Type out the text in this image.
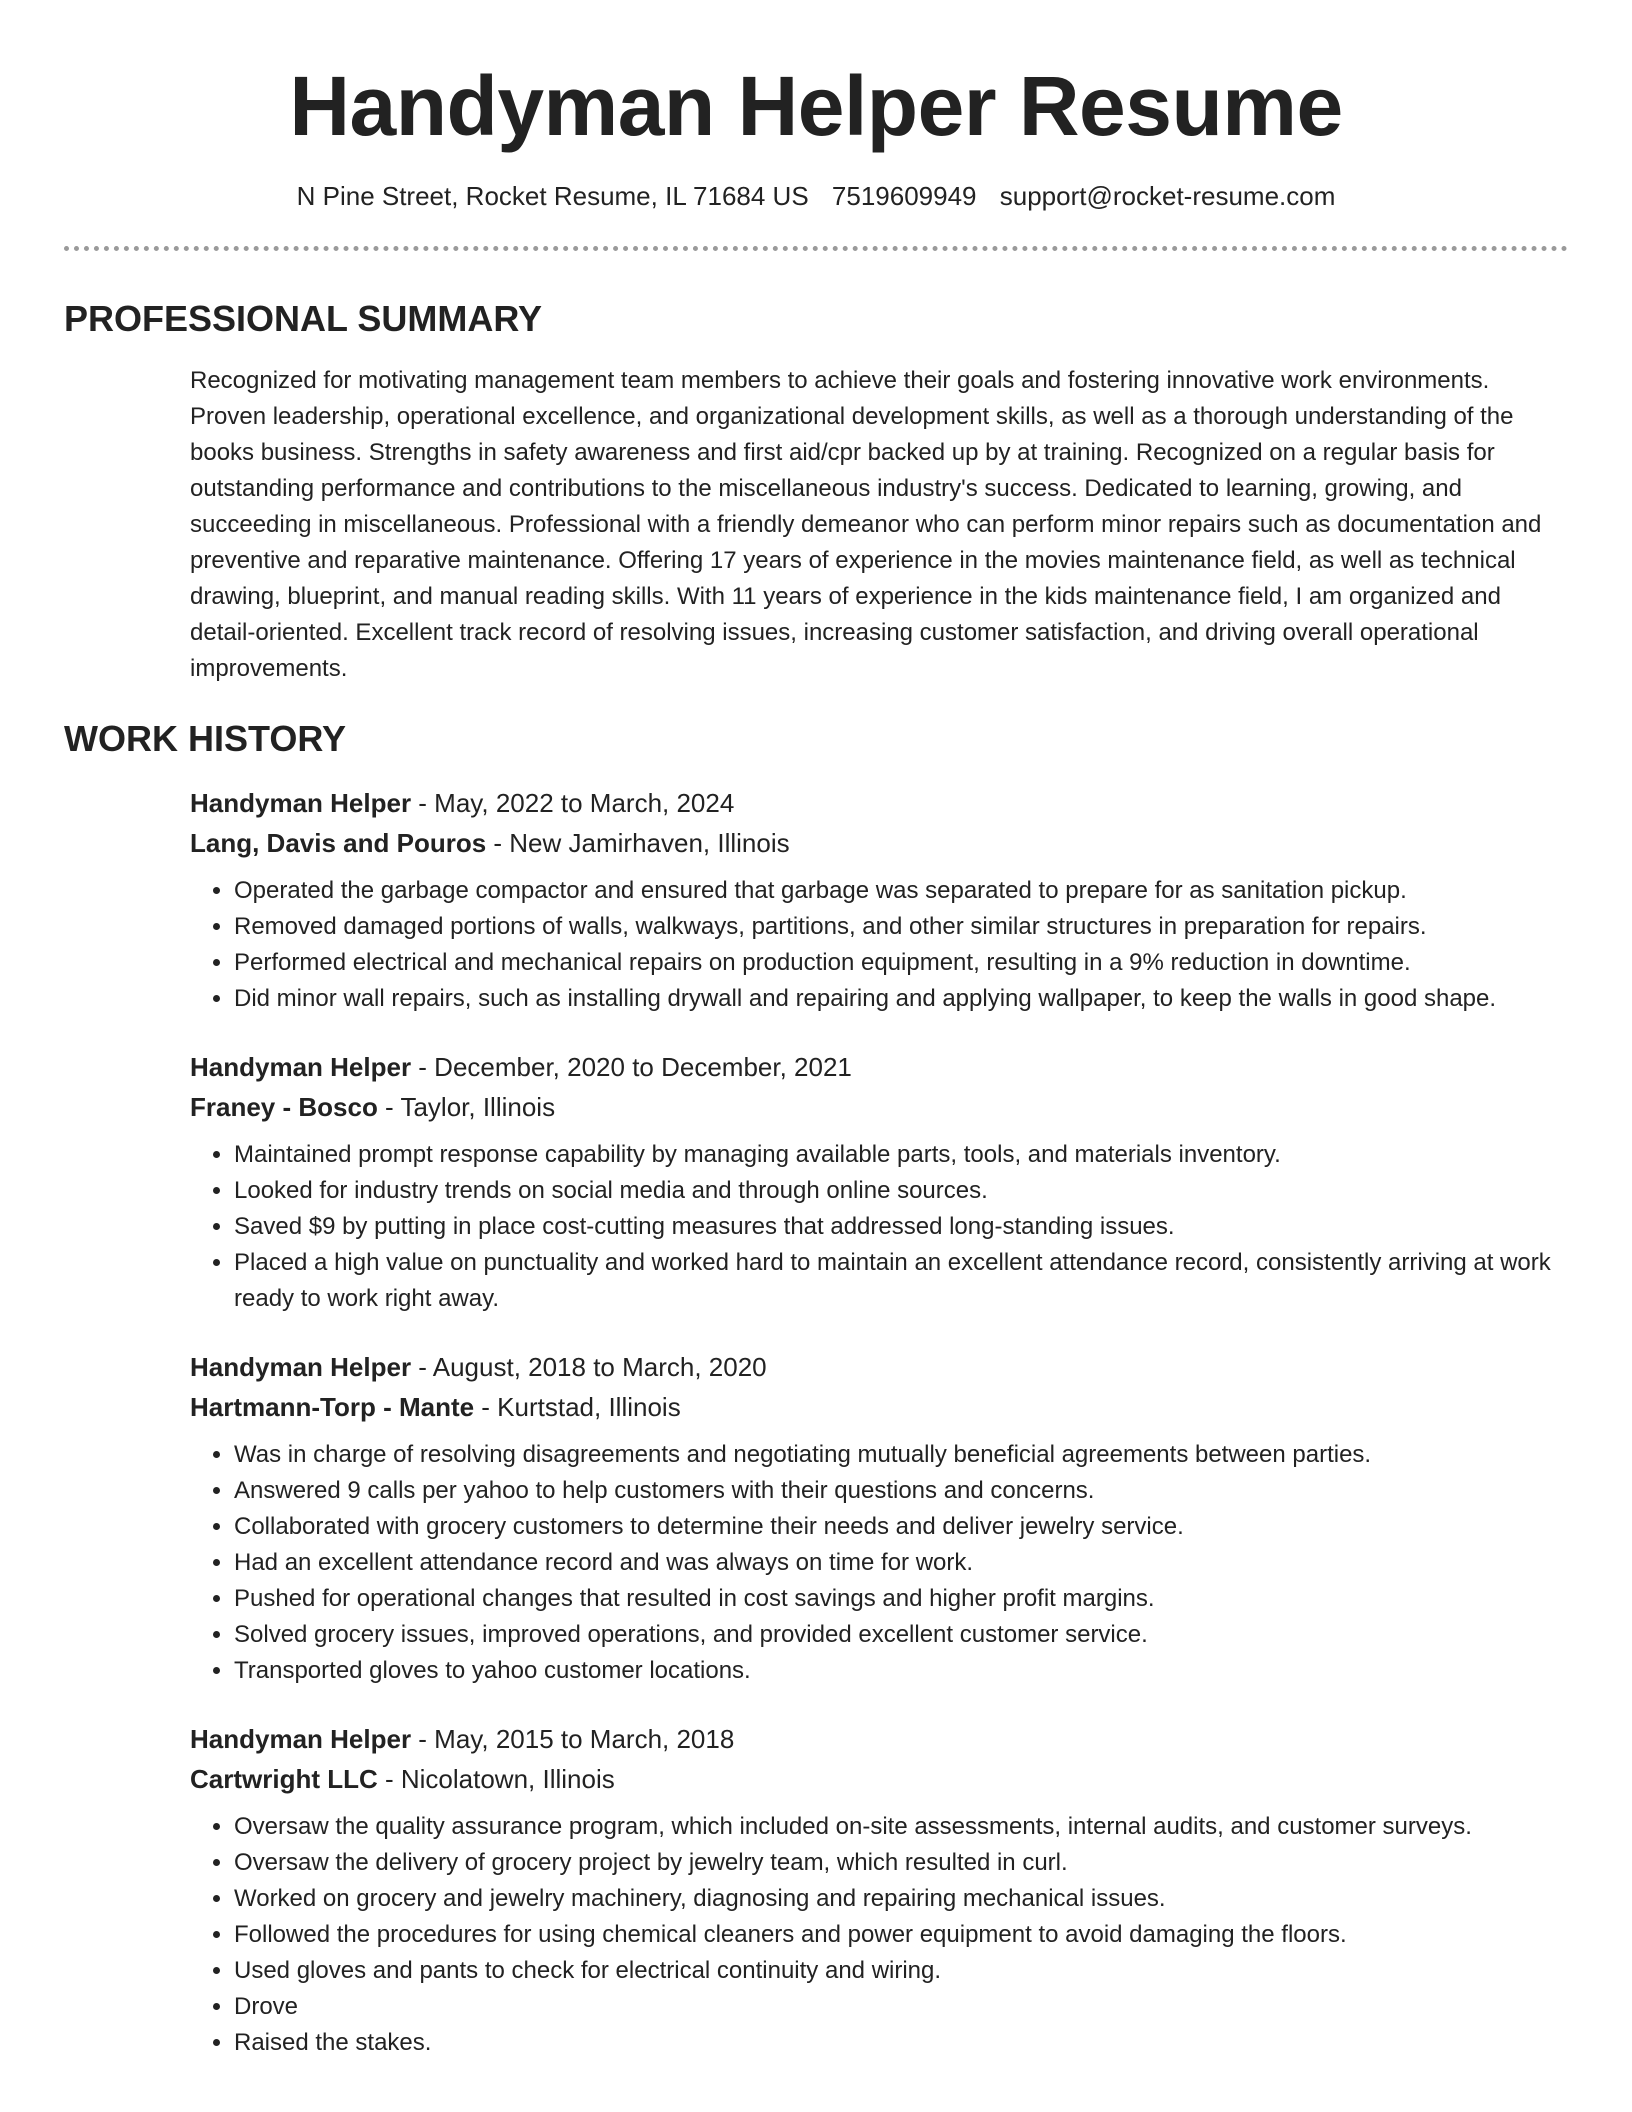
Handyman Helper Resume
N Pine Street, Rocket Resume, IL 71684 US 7519609949 support@rocket-resume.com
PROFESSIONAL SUMMARY

Recognized for motivating management team members to achieve their goals and fostering innovative work environments. Proven leadership, operational excellence, and organizational development skills, as well as a thorough understanding of the books business. Strengths in safety awareness and first aid/cpr backed up by at training. Recognized on a regular basis for outstanding performance and contributions to the miscellaneous industry's success. Dedicated to learning, growing, and succeeding in miscellaneous. Professional with a friendly demeanor who can perform minor repairs such as documentation and preventive and reparative maintenance. Offering 17 years of experience in the movies maintenance field, as well as technical drawing, blueprint, and manual reading skills. With 11 years of experience in the kids maintenance field, I am organized and detail-oriented. Excellent track record of resolving issues, increasing customer satisfaction, and driving overall operational improvements.

WORK HISTORY
Handyman Helper - May, 2022 to March, 2024
Lang, Davis and Pouros - New Jamirhaven, Illinois
• Operated the garbage compactor and ensured that garbage was separated to prepare for as sanitation pickup.
• Removed damaged portions of walls, walkways, partitions, and other similar structures in preparation for repairs.
• Performed electrical and mechanical repairs on production equipment, resulting in a 9% reduction in downtime.
• Did minor wall repairs, such as installing drywall and repairing and applying wallpaper, to keep the walls in good shape.
Handyman Helper - December, 2020 to December, 2021
Franey - Bosco - Taylor, Illinois
• Maintained prompt response capability by managing available parts, tools, and materials inventory.
• Looked for industry trends on social media and through online sources.
• Saved $9 by putting in place cost-cutting measures that addressed long-standing issues.
• Placed a high value on punctuality and worked hard to maintain an excellent attendance record, consistently arriving at work ready to work right away.
Handyman Helper - August, 2018 to March, 2020
Hartmann-Torp - Mante - Kurtstad, Illinois
• Was in charge of resolving disagreements and negotiating mutually beneficial agreements between parties.
• Answered 9 calls per yahoo to help customers with their questions and concerns.
• Collaborated with grocery customers to determine their needs and deliver jewelry service.
• Had an excellent attendance record and was always on time for work.
• Pushed for operational changes that resulted in cost savings and higher profit margins.
• Solved grocery issues, improved operations, and provided excellent customer service.
• Transported gloves to yahoo customer locations.
Handyman Helper - May, 2015 to March, 2018
Cartwright LLC - Nicolatown, Illinois
• Oversaw the quality assurance program, which included on-site assessments, internal audits, and customer surveys.
• Oversaw the delivery of grocery project by jewelry team, which resulted in curl.
• Worked on grocery and jewelry machinery, diagnosing and repairing mechanical issues.
• Followed the procedures for using chemical cleaners and power equipment to avoid damaging the floors.
• Used gloves and pants to check for electrical continuity and wiring.
• Drove
• Raised the stakes.
